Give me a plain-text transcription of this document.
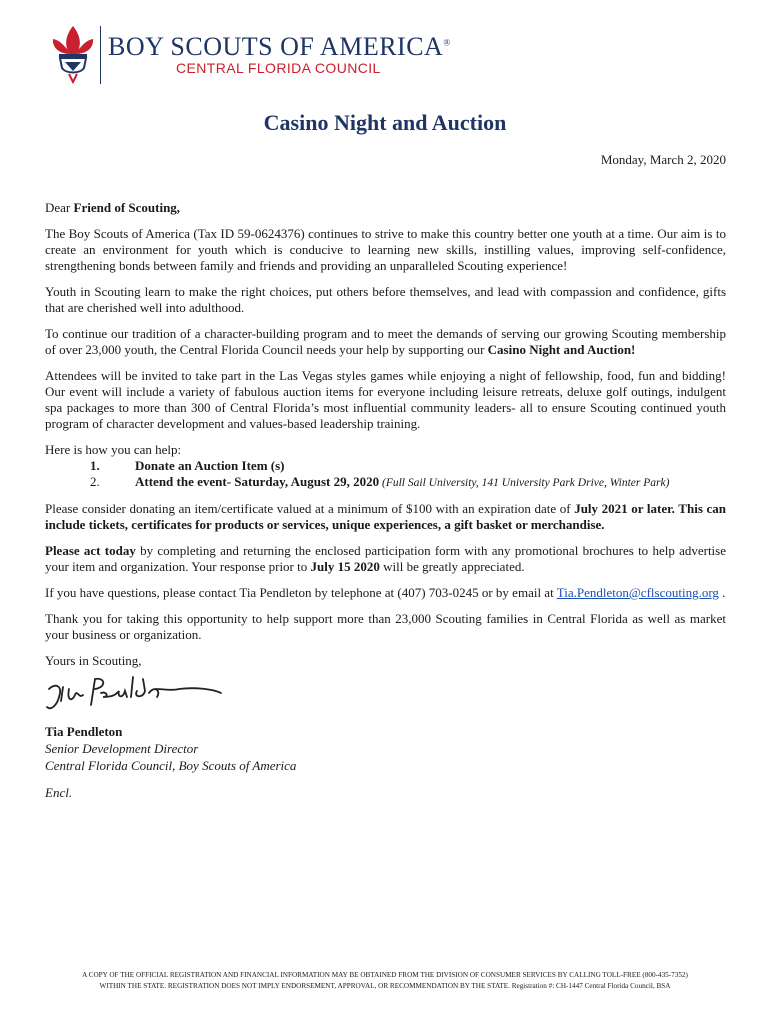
BOY SCOUTS OF AMERICA®
CENTRAL FLORIDA COUNCIL
Casino Night and Auction
Monday, March 2, 2020

Dear Friend of Scouting,

The Boy Scouts of America (Tax ID 59-0624376) continues to strive to make this country better one youth at a time. Our aim is to create an environment for youth which is conducive to learning new skills, instilling values, improving self-confidence, strengthening bonds between family and friends and providing an unparalleled Scouting experience!

Youth in Scouting learn to make the right choices, put others before themselves, and lead with compassion and confidence, gifts that are cherished well into adulthood.

To continue our tradition of a character-building program and to meet the demands of serving our growing Scouting membership of over 23,000 youth, the Central Florida Council needs your help by supporting our Casino Night and Auction!

Attendees will be invited to take part in the Las Vegas styles games while enjoying a night of fellowship, food, fun and bidding! Our event will include a variety of fabulous auction items for everyone including leisure retreats, deluxe golf outings, indulgent spa packages to more than 300 of Central Florida’s most influential community leaders- all to ensure Scouting continued youth program of character development and values-based leadership training.

Here is how you can help:
1.	Donate an Auction Item (s)
2.	Attend the event- Saturday, August 29, 2020 (Full Sail University, 141 University Park Drive, Winter Park)

Please consider donating an item/certificate valued at a minimum of $100 with an expiration date of July 2021 or later. This can include tickets, certificates for products or services, unique experiences, a gift basket or merchandise.

Please act today by completing and returning the enclosed participation form with any promotional brochures to help advertise your item and organization. Your response prior to July 15 2020 will be greatly appreciated.

If you have questions, please contact Tia Pendleton by telephone at (407) 703-0245 or by email at Tia.Pendleton@cflscouting.org .

Thank you for taking this opportunity to help support more than 23,000 Scouting families in Central Florida as well as market your business or organization.

Yours in Scouting,
Tia Pendleton
Senior Development Director
Central Florida Council, Boy Scouts of America
Encl.
A COPY OF THE OFFICIAL REGISTRATION AND FINANCIAL INFORMATION MAY BE OBTAINED FROM THE DIVISION OF CONSUMER SERVICES BY CALLING TOLL-FREE (800-435-7352)
WITHIN THE STATE. REGISTRATION DOES NOT IMPLY ENDORSEMENT, APPROVAL, OR RECOMMENDATION BY THE STATE. Registration #: CH-1447 Central Florida Council, BSA
